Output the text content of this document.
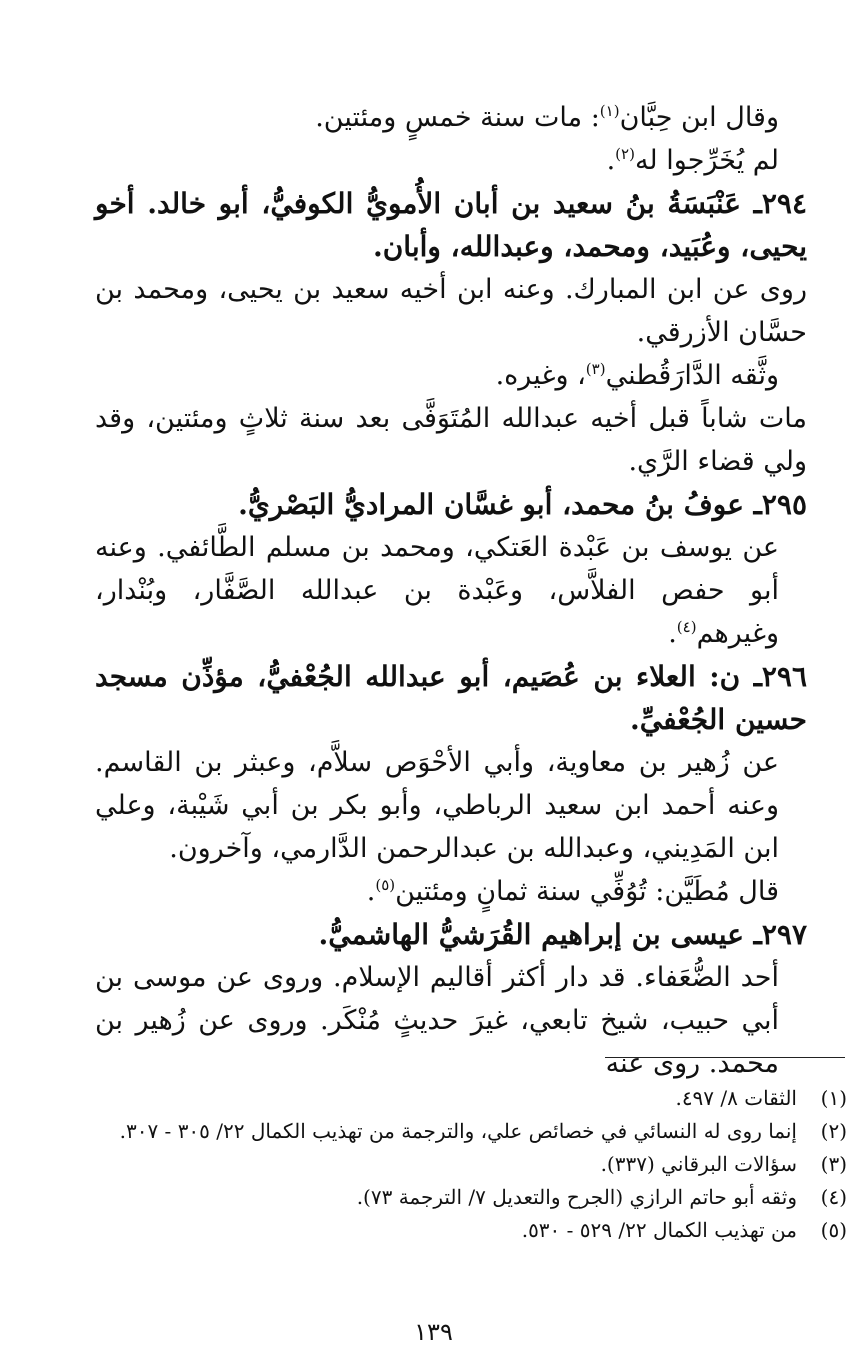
وقال ابن حِبَّان$^{(١)}$: مات سنة خمسٍ ومئتين.

لم يُخَرِّجوا له$^{(٢)}$.

٢٩٤ـ عَنْبَسَةُ بنُ سعيد بن أبان الأُمويُّ الكوفيُّ، أبو خالد. أخو يحيى، وعُبَيد، ومحمد، وعبدالله، وأبان.

روى عن ابن المبارك. وعنه ابن أخيه سعيد بن يحيى، ومحمد بن حسَّان الأزرقي.

وثَّقه الدَّارَقُطني$^{(٣)}$، وغيره.

مات شاباً قبل أخيه عبدالله المُتَوَفَّى بعد سنة ثلاثٍ ومئتين، وقد ولي قضاء الرَّي.

٢٩٥ـ عوفُ بنُ محمد، أبو غسَّان المراديُّ البَصْريُّ.

عن يوسف بن عَبْدة العَتكي، ومحمد بن مسلم الطَّائفي. وعنه أبو حفص الفلاَّس، وعَبْدة بن عبدالله الصَّفَّار، وبُنْدار، وغيرهم$^{(٤)}$.

٢٩٦ـ ن: العلاء بن عُصَيم، أبو عبدالله الجُعْفيُّ، مؤذِّن مسجد حسين الجُعْفيِّ.

عن زُهير بن معاوية، وأبي الأحْوَص سلاَّم، وعبثر بن القاسم. وعنه أحمد ابن سعيد الرباطي، وأبو بكر بن أبي شَيْبة، وعلي ابن المَدِيني، وعبدالله بن عبدالرحمن الدَّارمي، وآخرون.

قال مُطَيَّن: تُوُفِّي سنة ثمانٍ ومئتين$^{(٥)}$.

٢٩٧ـ عيسى بن إبراهيم القُرَشيُّ الهاشميُّ.

أحد الضُّعَفاء. قد دار أكثر أقاليم الإسلام. وروى عن موسى بن أبي حبيب، شيخ تابعي، غيرَ حديثٍ مُنْكَر. وروى عن زُهير بن محمد. روى عنه

(١)
الثقات ٨/ ٤٩٧.
(٢)
إنما روى له النسائي في خصائص علي، والترجمة من تهذيب الكمال ٢٢/ ٣٠٥ - ٣٠٧.
(٣)
سؤالات البرقاني (٣٣٧).
(٤)
وثقه أبو حاتم الرازي (الجرح والتعديل ٧/ الترجمة ٧٣).
(٥)
من تهذيب الكمال ٢٢/ ٥٢٩ - ٥٣٠.
١٣٩
